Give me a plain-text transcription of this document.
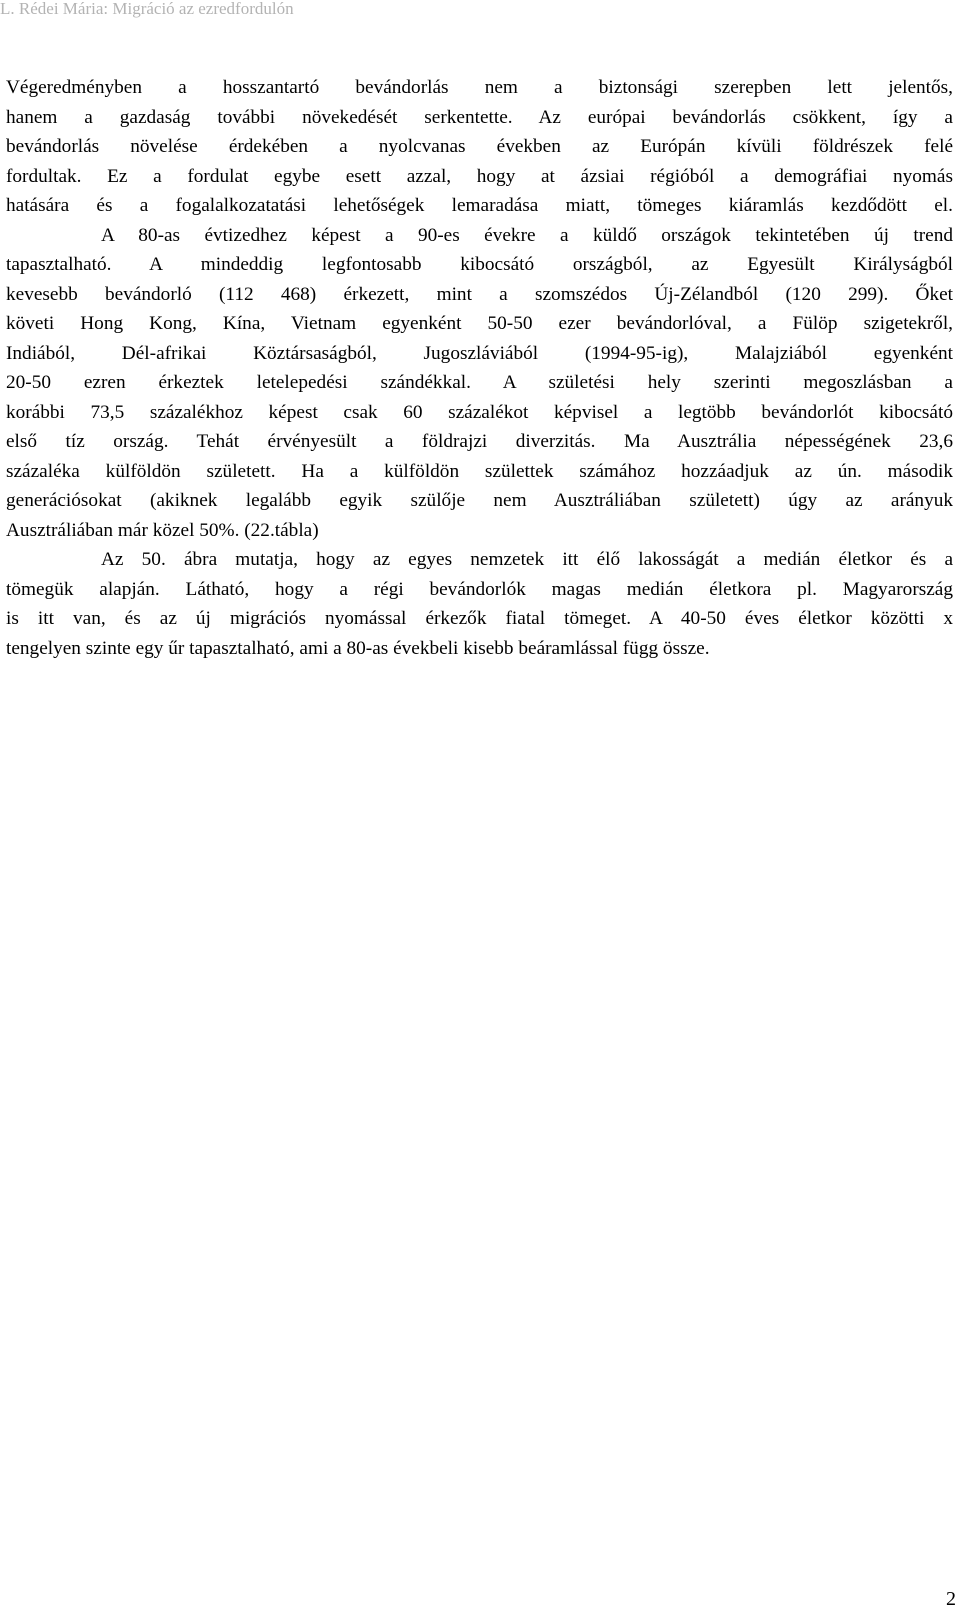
L. Rédei Mária: Migráció az ezredfordulón
Végeredményben a hosszantartó bevándorlás nem a biztonsági szerepben lett jelentős,
hanem a gazdaság további növekedését serkentette. Az európai bevándorlás csökkent, így a
bevándorlás növelése érdekében a nyolcvanas években az Európán kívüli földrészek felé
fordultak. Ez a fordulat egybe esett azzal, hogy at ázsiai régióból a demográfiai nyomás
hatására és a fogalalkozatatási lehetőségek lemaradása miatt, tömeges kiáramlás kezdődött el.
A 80-as évtizedhez képest a 90-es évekre a küldő országok tekintetében új trend
tapasztalható. A mindeddig legfontosabb kibocsátó országból, az Egyesült Királyságból
kevesebb bevándorló (112 468) érkezett, mint a szomszédos Új-Zélandból (120 299). Őket
követi Hong Kong, Kína, Vietnam egyenként 50-50 ezer bevándorlóval, a Fülöp szigetekről,
Indiából, Dél-afrikai Köztársaságból, Jugoszláviából (1994-95-ig), Malajziából egyenként
20-50 ezren érkeztek letelepedési szándékkal. A születési hely szerinti megoszlásban a
korábbi 73,5 százalékhoz képest csak 60 százalékot képvisel a legtöbb bevándorlót kibocsátó
első tíz ország. Tehát érvényesült a földrajzi diverzitás. Ma Ausztrália népességének 23,6
százaléka külföldön született. Ha a külföldön születtek számához hozzáadjuk az ún. második
generációsokat (akiknek legalább egyik szülője nem Ausztráliában született) úgy az arányuk
Ausztráliában már közel 50%. (22.tábla)
Az 50. ábra mutatja, hogy az egyes nemzetek itt élő lakosságát a medián életkor és a
tömegük alapján. Látható, hogy a régi bevándorlók magas medián életkora pl. Magyarország
is itt van, és az új migrációs nyomással érkezők fiatal tömeget. A 40-50 éves életkor közötti x
tengelyen szinte egy űr tapasztalható, ami a 80-as évekbeli kisebb beáramlással függ össze.
2
